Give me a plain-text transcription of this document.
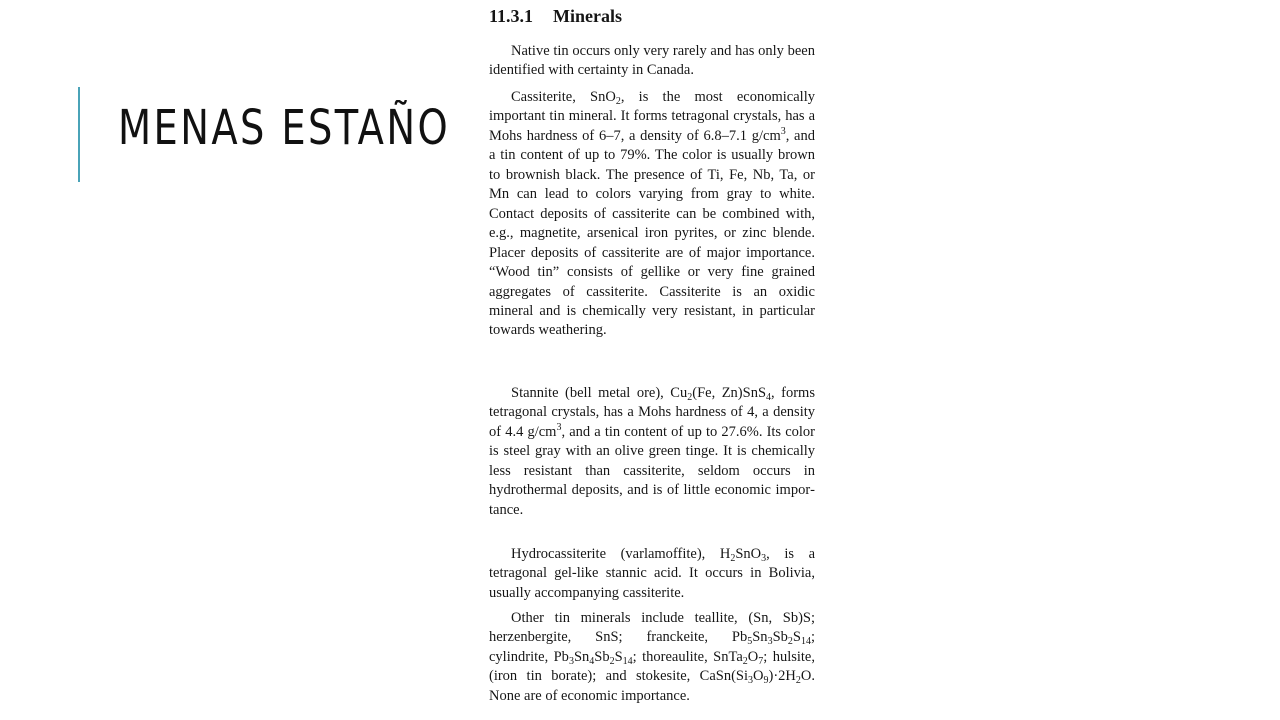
MENAS ESTAÑO
11.3.1 Minerals

Native tin occurs only very rarely and has only been identified with certainty in Canada.

Cassiterite, SnO$_2$, is the most economically important tin mineral. It forms tetragonal crystals, has a Mohs hardness of 6–7, a density of 6.8–7.1 $g/cm^3$, and a tin content of up to 79%. The color is usually brown to brownish black. The presence of Ti, Fe, Nb, Ta, or Mn can lead to colors varying from gray to white. Contact deposits of cassiterite can be combined with, e.g., magnetite, arsenical iron pyrites, or zinc blende. Placer deposits of cassiterite are of major importance. “Wood tin” consists of gellike or very fine grained aggregates of cassiterite. Cassiterite is an oxidic mineral and is chemically very resistant, in particular towards weathering.

Stannite (bell metal ore), $Cu_2(Fe$, Zn)SnS$_4$, forms tetragonal crystals, has a Mohs hardness of 4, a density of 4.4 $g/cm^3$, and a tin content of up to 27.6%. Its color is steel gray with an olive green tinge. It is chemically less resistant than cassiterite, seldom occurs in hydrothermal deposits, and is of little economic importance.

Hydrocassiterite (varlamoffite), $H_2SnO_3$, is a tetragonal gel-like stannic acid. It occurs in Bolivia, usually accompanying cassiterite.

Other tin minerals include teallite, (Sn, Sb)S; herzenbergite, SnS; franckeite, $Pb_5Sn_3Sb_2S_{14}$; cylindrite, $Pb_3Sn_4Sb_2S_{14}$; thoreaulite, $SnTa_2O_7$; hulsite, (iron tin borate); and stokesite, $CaSn(Si_3O_9)\cdot 2H_2O$. None are of economic importance.
